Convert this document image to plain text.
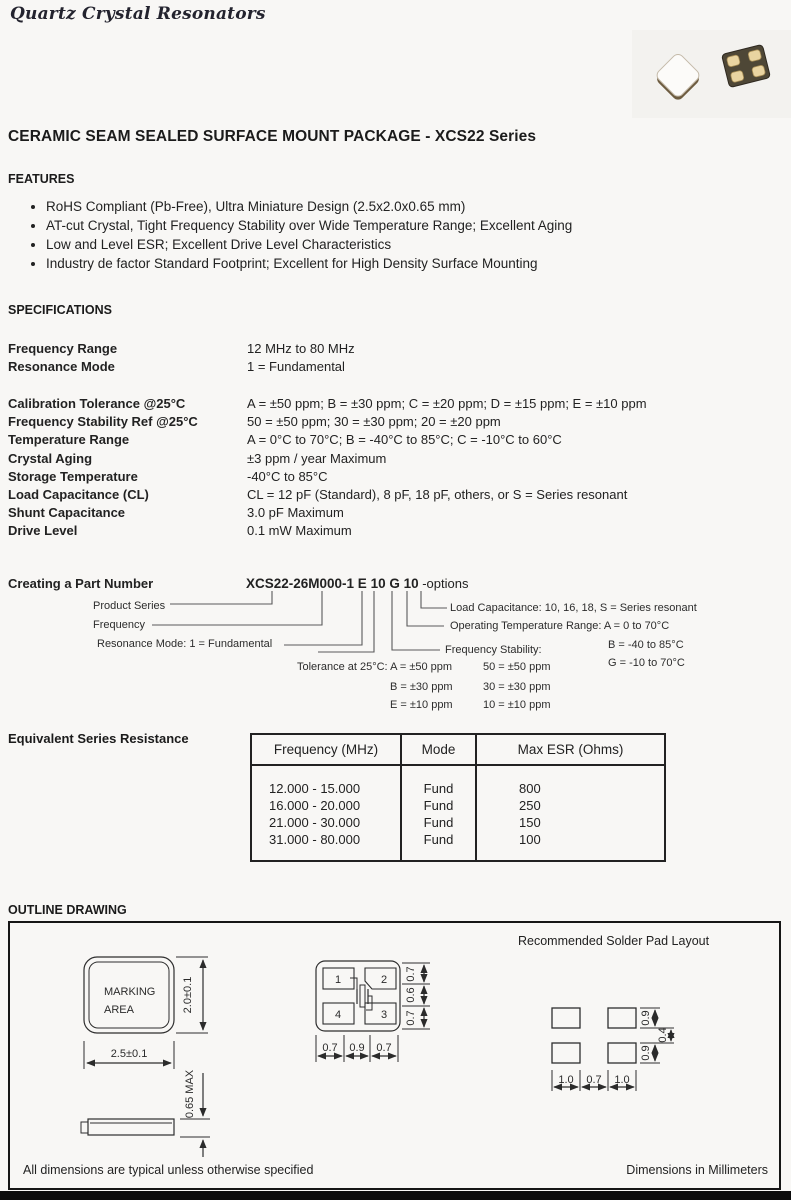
Quartz Crystal Resonators
CERAMIC SEAM SEALED SURFACE MOUNT PACKAGE - XCS22 Series
FEATURES
• RoHS Compliant (Pb-Free), Ultra Miniature Design (2.5x2.0x0.65 mm)
• AT-cut Crystal, Tight Frequency Stability over Wide Temperature Range; Excellent Aging
• Low and Level ESR; Excellent Drive Level Characteristics
• Industry de factor Standard Footprint; Excellent for High Density Surface Mounting
SPECIFICATIONS
Frequency Range	12 MHz to 80 MHz
Resonance Mode	1 = Fundamental
Calibration Tolerance @25°C	A = ±50 ppm; B = ±30 ppm; C = ±20 ppm; D = ±15 ppm; E = ±10 ppm
Frequency Stability Ref @25°C	50 = ±50 ppm; 30 = ±30 ppm; 20 = ±20 ppm
Temperature Range	A = 0°C to 70°C; B = -40°C to 85°C; C = -10°C to 60°C
Crystal Aging	±3 ppm / year Maximum
Storage Temperature	-40°C to 85°C
Load Capacitance (CL)	CL = 12 pF (Standard), 8 pF, 18 pF, others, or S = Series resonant
Shunt Capacitance	3.0 pF Maximum
Drive Level	0.1 mW Maximum
Creating a Part Number	XCS22-26M000-1 E 10 G 10 -options
Product Series
Frequency
Resonance Mode: 1 = Fundamental
Tolerance at 25°C: A = ±50 ppm
B = ±30 ppm
E = ±10 ppm
Frequency Stability:
50 = ±50 ppm
30 = ±30 ppm
10 = ±10 ppm
Load Capacitance: 10, 16, 18, S = Series resonant
Operating Temperature Range: A = 0 to 70°C
B = -40 to 85°C
G = -10 to 70°C
Equivalent Series Resistance
Frequency (MHz)	Mode	Max ESR (Ohms)
12.000 - 15.000	Fund	800
16.000 - 20.000	Fund	250
21.000 - 30.000	Fund	150
31.000 - 80.000	Fund	100
OUTLINE DRAWING
Recommended Solder Pad Layout
MARKING
AREA	2.0±0.1
2.5±0.1
0.65 MAX
1	2
4	3
0.7
0.6
0.7
0.7 0.9 0.7
0.9
0.4
0.9
1.0 0.7 1.0
All dimensions are typical unless otherwise specified	Dimensions in Millimeters
